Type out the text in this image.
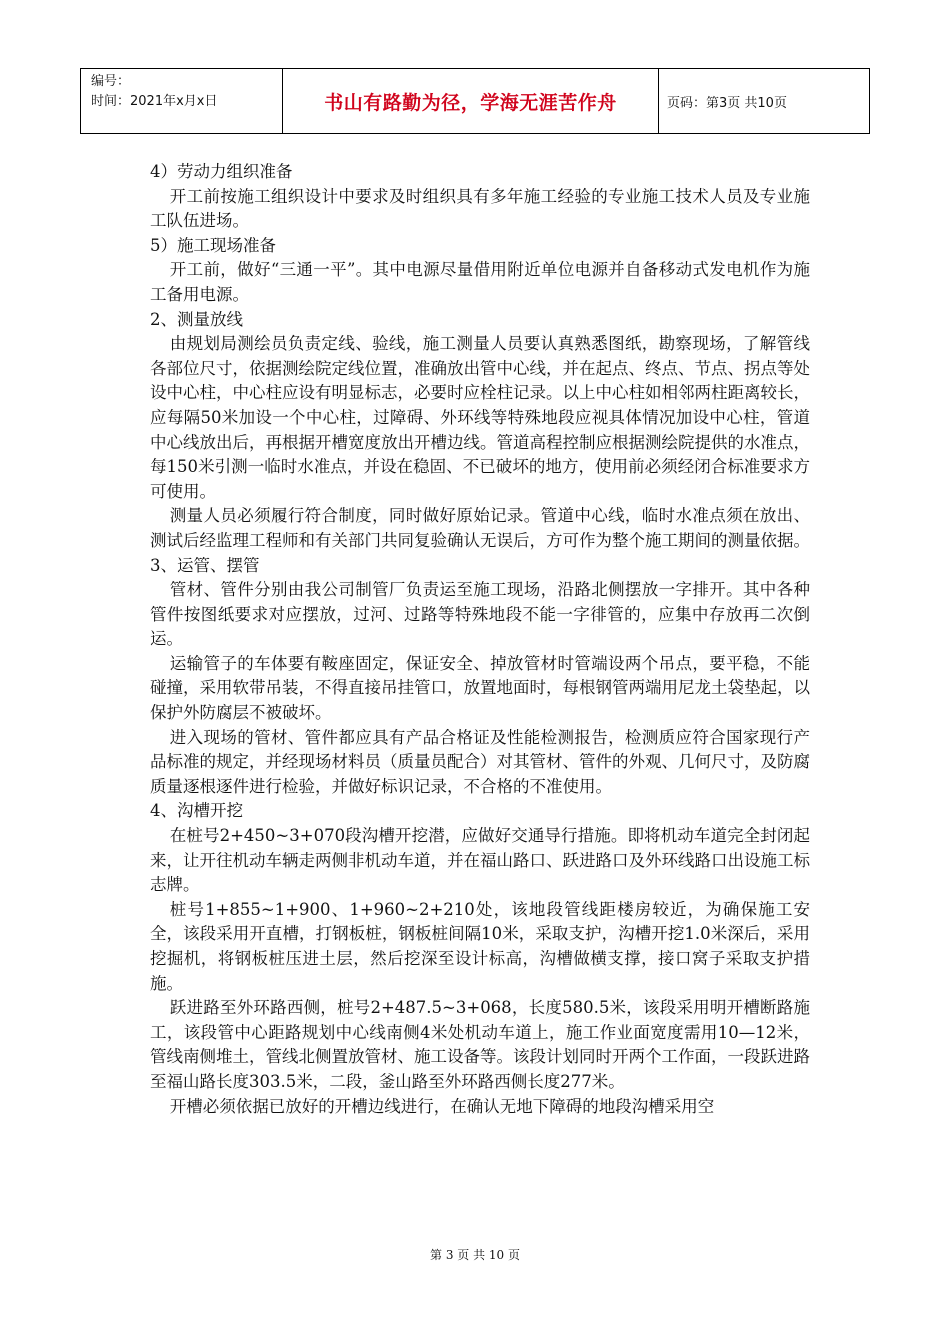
编号：
时间：2021年x月x日	书山有路勤为径，学海无涯苦作舟	页码：第3页 共10页

4）劳动力组织准备

开工前按施工组织设计中要求及时组织具有多年施工经验的专业施工技术人员及专业施工队伍进场。

5）施工现场准备

开工前，做好“三通一平”。其中电源尽量借用附近单位电源并自备移动式发电机作为施工备用电源。

2、测量放线

由规划局测绘员负责定线、验线，施工测量人员要认真熟悉图纸，勘察现场，了解管线各部位尺寸，依据测绘院定线位置，准确放出管中心线，并在起点、终点、节点、拐点等处设中心柱，中心柱应设有明显标志，必要时应栓柱记录。以上中心柱如相邻两柱距离较长，应每隔50米加设一个中心柱，过障碍、外环线等特殊地段应视具体情况加设中心柱，管道中心线放出后，再根据开槽宽度放出开槽边线。管道高程控制应根据测绘院提供的水准点，每150米引测一临时水准点，并设在稳固、不已破坏的地方，使用前必须经闭合标准要求方可使用。

测量人员必须履行符合制度，同时做好原始记录。管道中心线，临时水准点须在放出、测试后经监理工程师和有关部门共同复验确认无误后，方可作为整个施工期间的测量依据。

3、运管、摆管

管材、管件分别由我公司制管厂负责运至施工现场，沿路北侧摆放一字排开。其中各种管件按图纸要求对应摆放，过河、过路等特殊地段不能一字徘管的，应集中存放再二次倒运。

运输管子的车体要有鞍座固定，保证安全、掉放管材时管端设两个吊点，要平稳，不能碰撞，采用软带吊装，不得直接吊挂管口，放置地面时，每根钢管两端用尼龙土袋垫起，以保护外防腐层不被破坏。

进入现场的管材、管件都应具有产品合格证及性能检测报告，检测质应符合国家现行产品标准的规定，并经现场材料员（质量员配合）对其管材、管件的外观、几何尺寸，及防腐质量逐根逐件进行检验，并做好标识记录，不合格的不准使用。

4、沟槽开挖

在桩号2+450~3+070段沟槽开挖潜，应做好交通导行措施。即将机动车道完全封闭起来，让开往机动车辆走两侧非机动车道，并在福山路口、跃进路口及外环线路口出设施工标志牌。

桩号1+855~1+900、1+960~2+210处，该地段管线距楼房较近，为确保施工安全，该段采用开直槽，打钢板桩，钢板桩间隔10米，采取支护，沟槽开挖1.0米深后，采用挖掘机，将钢板桩压进土层，然后挖深至设计标高，沟槽做横支撑，接口窝子采取支护措施。

跃进路至外环路西侧，桩号2+487.5~3+068，长度580.5米，该段采用明开槽断路施工，该段管中心距路规划中心线南侧4米处机动车道上，施工作业面宽度需用10—12米，管线南侧堆土，管线北侧置放管材、施工设备等。该段计划同时开两个工作面，一段跃进路至福山路长度303.5米，二段，釜山路至外环路西侧长度277米。

开槽必须依据已放好的开槽边线进行，在确认无地下障碍的地段沟槽采用空

第 3 页 共 10 页
